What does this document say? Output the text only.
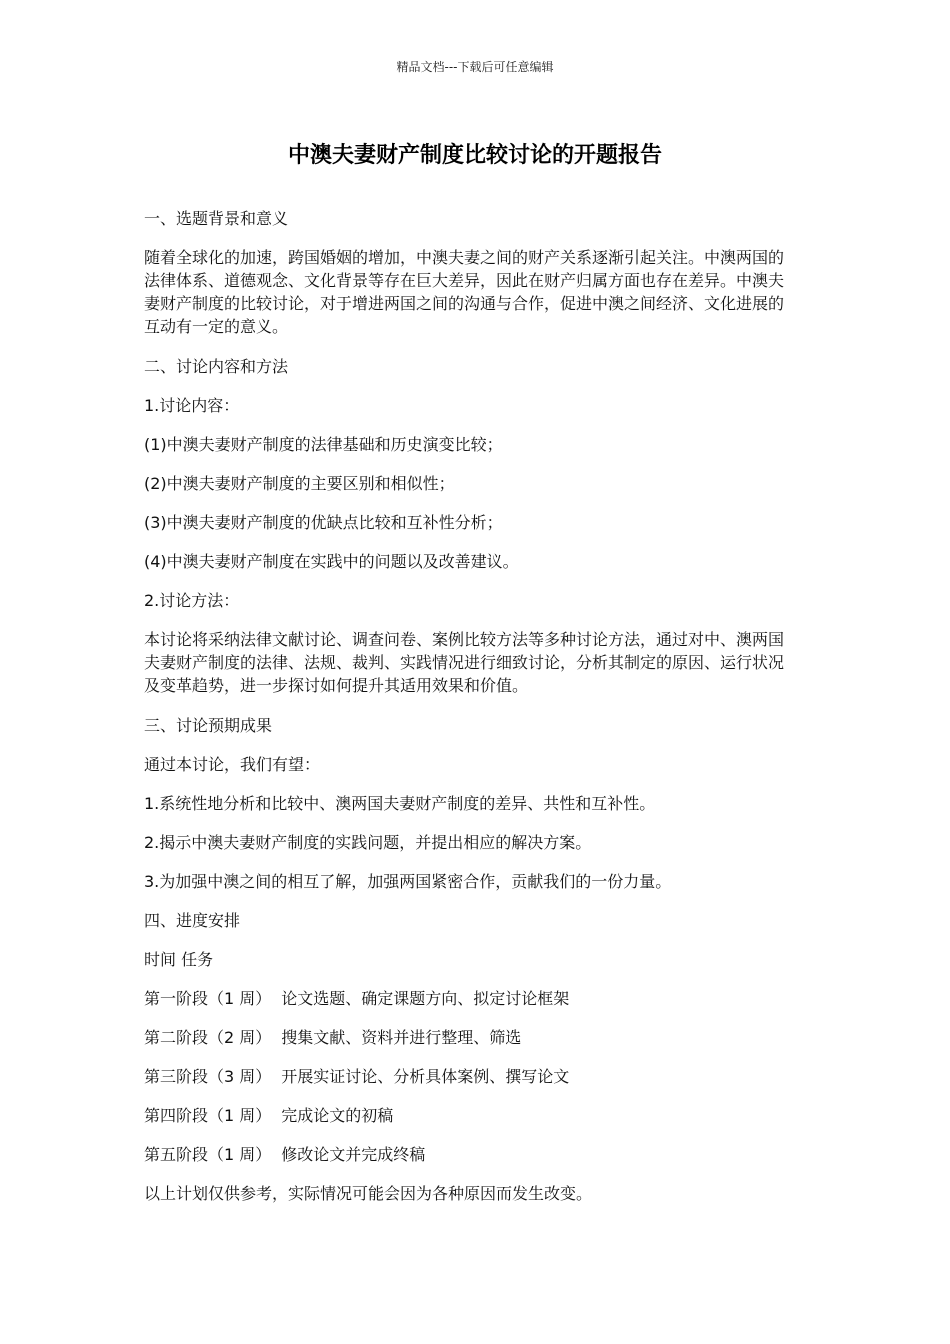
精品文档---下载后可任意编辑
中澳夫妻财产制度比较讨论的开题报告

一、选题背景和意义

随着全球化的加速，跨国婚姻的增加，中澳夫妻之间的财产关系逐渐引起关注。中澳两国的法律体系、道德观念、文化背景等存在巨大差异，因此在财产归属方面也存在差异。中澳夫妻财产制度的比较讨论，对于增进两国之间的沟通与合作，促进中澳之间经济、文化进展的互动有一定的意义。

二、讨论内容和方法

1.讨论内容：

(1)中澳夫妻财产制度的法律基础和历史演变比较；

(2)中澳夫妻财产制度的主要区别和相似性；

(3)中澳夫妻财产制度的优缺点比较和互补性分析；

(4)中澳夫妻财产制度在实践中的问题以及改善建议。

2.讨论方法：

本讨论将采纳法律文献讨论、调查问卷、案例比较方法等多种讨论方法，通过对中、澳两国夫妻财产制度的法律、法规、裁判、实践情况进行细致讨论，分析其制定的原因、运行状况及变革趋势，进一步探讨如何提升其适用效果和价值。

三、讨论预期成果

通过本讨论，我们有望：

1.系统性地分析和比较中、澳两国夫妻财产制度的差异、共性和互补性。

2.揭示中澳夫妻财产制度的实践问题，并提出相应的解决方案。

3.为加强中澳之间的相互了解，加强两国紧密合作，贡献我们的一份力量。

四、进度安排

时间 任务

第一阶段（1 周） 论文选题、确定课题方向、拟定讨论框架

第二阶段（2 周） 搜集文献、资料并进行整理、筛选

第三阶段（3 周） 开展实证讨论、分析具体案例、撰写论文

第四阶段（1 周） 完成论文的初稿

第五阶段（1 周） 修改论文并完成终稿

以上计划仅供参考，实际情况可能会因为各种原因而发生改变。
